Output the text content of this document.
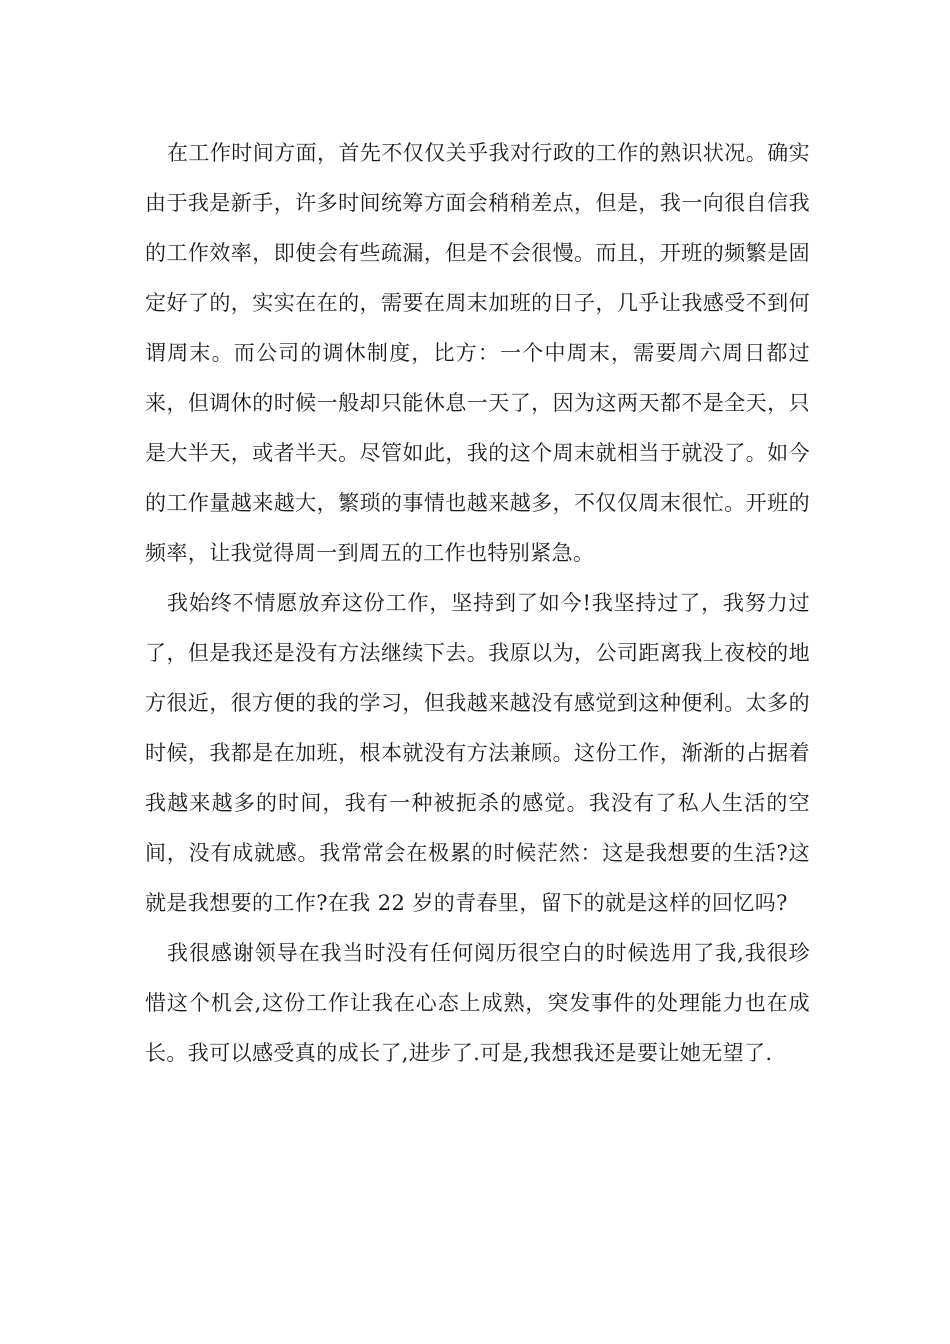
在工作时间方面，首先不仅仅关乎我对行政的工作的熟识状况。确实由于我是新手，许多时间统筹方面会稍稍差点，但是，我一向很自信我的工作效率，即使会有些疏漏，但是不会很慢。而且，开班的频繁是固定好了的，实实在在的，需要在周末加班的日子，几乎让我感受不到何谓周末。而公司的调休制度，比方：一个中周末，需要周六周日都过来，但调休的时候一般却只能休息一天了，因为这两天都不是全天，只是大半天，或者半天。尽管如此，我的这个周末就相当于就没了。如今的工作量越来越大，繁琐的事情也越来越多，不仅仅周末很忙。开班的频率，让我觉得周一到周五的工作也特别紧急。

我始终不情愿放弃这份工作，坚持到了如今!我坚持过了，我努力过了，但是我还是没有方法继续下去。我原以为，公司距离我上夜校的地方很近，很方便的我的学习，但我越来越没有感觉到这种便利。太多的时候，我都是在加班，根本就没有方法兼顾。这份工作，渐渐的占据着我越来越多的时间，我有一种被扼杀的感觉。我没有了私人生活的空间，没有成就感。我常常会在极累的时候茫然：这是我想要的生活?这就是我想要的工作?在我 22 岁的青春里，留下的就是这样的回忆吗?

我很感谢领导在我当时没有任何阅历很空白的时候选用了我,我很珍惜这个机会,这份工作让我在心态上成熟，突发事件的处理能力也在成长。我可以感受真的成长了,进步了.可是,我想我还是要让她无望了.
